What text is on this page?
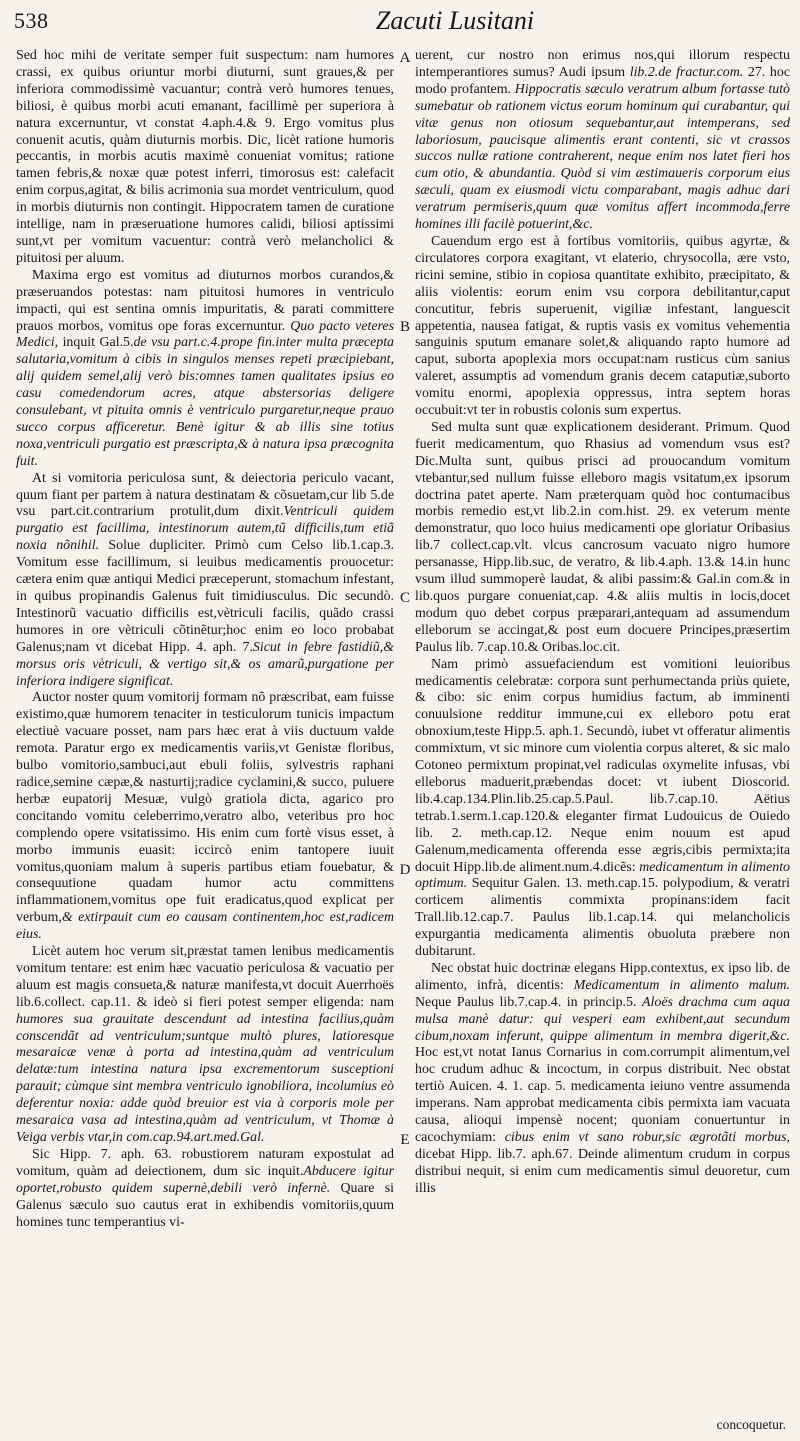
538	Zacuti Lusitani

Sed hoc mihi de veritate semper fuit suspectum: nam humores crassi, ex quibus oriuntur morbi diuturni, sunt graues,& per inferiora commodissimè vacuantur; contrà verò humores tenues, biliosi, è quibus morbi acuti emanant, facillimè per superiora à natura excernuntur, vt constat 4.aph.4.& 9. Ergo vomitus plus conuenit acutis, quàm diuturnis morbis. Dic, licèt ratione humoris peccantis, in morbis acutis maximè conueniat vomitus; ratione tamen febris,& noxæ quæ potest inferri, timorosus est: calefacit enim corpus,agitat, & bilis acrimonia sua mordet ventriculum, quod in morbis diuturnis non contingit. Hippocratem tamen de curatione intellige, nam in præseruatione humores calidi, biliosi aptissimi sunt,vt per vomitum vacuentur: contrà verò melancholici & pituitosi per aluum.

Maxima ergo est vomitus ad diuturnos morbos curandos,& præseruandos potestas: nam pituitosi humores in ventriculo impacti, qui est sentina omnis impuritatis, & parati committere prauos morbos, vomitus ope foras excernuntur. Quo pacto veteres Medici, inquit Gal.5.de vsu part.c.4.prope fin.inter multa præcepta salutaria,vomitum à cibis in singulos menses repeti præcipiebant, alij quidem semel,alij verò bis:omnes tamen qualitates ipsius eo casu comedendorum acres, atque abstersorias deligere consulebant, vt pituita omnis è ventriculo purgaretur,neque prauo succo corpus afficeretur. Benè igitur & ab illis sine totius noxa,ventriculi purgatio est præscripta,& à natura ipsa præcognita fuit.

At si vomitoria periculosa sunt, & deiectoria periculo vacant, quum fiant per partem à natura destinatam & cõsuetam,cur lib 5.de vsu part.cit.contrarium protulit,dum dixit.Ventriculi quidem purgatio est facillima, intestinorum autem,tũ difficilis,tum etiã noxia nõnihil. Solue dupliciter. Primò cum Celso lib.1.cap.3. Vomitum esse facillimum, si leuibus medicamentis prouocetur: cætera enim quæ antiqui Medici præceperunt, stomachum infestant, in quibus propinandis Galenus fuit timidiusculus. Dic secundò. Intestinorũ vacuatio difficilis est,vètriculi facilis, quãdo crassi humores in ore vètriculi cõtinẽtur;hoc enim eo loco probabat Galenus;nam vt dicebat Hipp. 4. aph. 7.Sicut in febre fastidiũ,& morsus oris vètriculi, & vertigo sit,& os amarũ,purgatione per inferiora indigere significat.

Auctor noster quum vomitorij formam nõ præscribat, eam fuisse existimo,quæ humorem tenaciter in testiculorum tunicis impactum electiuè vacuare posset, nam pars hæc erat à viis ductuum valde remota. Paratur ergo ex medicamentis variis,vt Genistæ floribus, bulbo vomitorio,sambuci,aut ebuli foliis, sylvestris raphani radice,semine cæpæ,& nasturtij;radice cyclamini,& succo, puluere herbæ eupatorij Mesuæ, vulgò gratiola dicta, agarico pro concitando vomitu celeberrimo,veratro albo, veteribus pro hoc complendo opere vsitatissimo. His enim cum fortè visus esset, à morbo immunis euasit: iccircò enim tantopere iuuit vomitus,quoniam malum à superis partibus etiam fouebatur, & consequutione quadam humor actu committens inflammationem,vomitus ope fuit eradicatus,quod explicat per verbum,& extirpauit cum eo causam continentem,hoc est,radicem eius.

Licèt autem hoc verum sit,præstat tamen lenibus medicamentis vomitum tentare: est enim hæc vacuatio periculosa & vacuatio per aluum est magis consueta,& naturæ manifesta,vt docuit Auerrhoës lib.6.collect. cap.11. & ideò si fieri potest semper eligenda: nam humores sua grauitate descendunt ad intestina facilius,quàm conscendãt ad ventriculum;suntque multò plures, latioresque mesaraicæ venæ à porta ad intestina,quàm ad ventriculum delatæ:tum intestina natura ipsa excrementorum susceptioni parauit; cùmque sint membra ventriculo ignobiliora, incolumius eò deferentur noxia: adde quòd breuior est via à corporis mole per mesaraica vasa ad intestina,quàm ad ventriculum, vt Thomæ à Veiga verbis vtar,in com.cap.94.art.med.Gal.

Sic Hipp. 7. aph. 63. robustiorem naturam expostulat ad vomitum, quàm ad deiectionem, dum sic inquit.Abducere igitur oportet,robusto quidem supernè,debili verò infernè. Quare si Galenus sæculo suo cautus erat in exhibendis vomitoriis,quum homines tunc temperantius vi-

A
B
C
D
E

uerent, cur nostro non erimus nos,qui illorum respectu intemperantiores sumus? Audi ipsum lib.2.de fractur.com. 27. hoc modo profantem. Hippocratis sæculo veratrum album fortasse tutò sumebatur ob rationem victus eorum hominum qui curabantur, qui vitæ genus non otiosum sequebantur,aut intemperans, sed laboriosum, paucisque alimentis erant contenti, sic vt crassos succos nullæ ratione contraherent, neque enim nos latet fieri hos cum otio, & abundantia. Quòd si vim æstimaueris corporum eius sæculi, quam ex eiusmodi victu comparabant, magis adhuc dari veratrum permiseris,quum quæ vomitus affert incommoda,ferre homines illi facilè potuerint,&c.

Cauendum ergo est à fortibus vomitoriis, quibus agyrtæ, & circulatores corpora exagitant, vt elaterio, chrysocolla, ære vsto, ricini semine, stibio in copiosa quantitate exhibito, præcipitato, & aliis violentis: eorum enim vsu corpora debilitantur,caput concutitur, febris superuenit, vigiliæ infestant, languescit appetentia, nausea fatigat, & ruptis vasis ex vomitus vehementia sanguinis sputum emanare solet,& aliquando rapto humore ad caput, suborta apoplexia mors occupat:nam rusticus cùm sanius valeret, assumptis ad vomendum granis decem cataputiæ,suborto vomitu enormi, apoplexia oppressus, intra septem horas occubuit:vt ter in robustis colonis sum expertus.

Sed multa sunt quæ explicationem desiderant. Primum. Quod fuerit medicamentum, quo Rhasius ad vomendum vsus est? Dic.Multa sunt, quibus prisci ad prouocandum vomitum vtebantur,sed nullum fuisse elleboro magis vsitatum,ex ipsorum doctrina patet aperte. Nam præterquam quòd hoc contumacibus morbis remedio est,vt lib.2.in com.hist. 29. ex veterum mente demonstratur, quo loco huius medicamenti ope gloriatur Oribasius lib.7 collect.cap.vlt. vlcus cancrosum vacuato nigro humore persanasse, Hipp.lib.suc, de veratro, & lib.4.aph. 13.& 14.in hunc vsum illud summoperè laudat, & alibi passim:& Gal.in com.& in lib.quos purgare conueniat,cap. 4.& aliis multis in locis,docet modum quo debet corpus præparari,antequam ad assumendum elleborum se accingat,& post eum docuere Principes,præsertim Paulus lib. 7.cap.10.& Oribas.loc.cit.

Nam primò assuefaciendum est vomitioni leuioribus medicamentis celebratæ: corpora sunt perhumectanda priùs quiete, & cibo: sic enim corpus humidius factum, ab imminenti conuulsione redditur immune,cui ex elleboro potu erat obnoxium,teste Hipp.5. aph.1. Secundò, iubet vt offeratur alimentis commixtum, vt sic minore cum violentia corpus alteret, & sic malo Cotoneo permixtum propinat,vel radiculas oxymelite infusas, vbi elleborus maduerit,præbendas docet: vt iubent Dioscorid. lib.4.cap.134.Plin.lib.25.cap.5.Paul. lib.7.cap.10. Aëtius tetrab.1.serm.1.cap.120.& eleganter firmat Ludouicus de Ouiedo lib. 2. meth.cap.12. Neque enim nouum est apud Galenum,medicamenta offerenda esse ægris,cibis permixta;ita docuit Hipp.lib.de aliment.num.4.dicẽs: medicamentum in alimento optimum. Sequitur Galen. 13. meth.cap.15. polypodium, & veratri corticem alimentis commixta propinans:idem facit Trall.lib.12.cap.7. Paulus lib.1.cap.14. qui melancholicis expurgantia medicamenta alimentis obuoluta præbere non dubitarunt.

Nec obstat huic doctrinæ elegans Hipp.contextus, ex ipso lib. de alimento, infrà, dicentis: Medicamentum in alimento malum. Neque Paulus lib.7.cap.4. in princip.5. Aloës drachma cum aqua mulsa manè datur: qui vesperi eam exhibent,aut secundum cibum,noxam inferunt, quippe alimentum in membra digerit,&c. Hoc est,vt notat Ianus Cornarius in com.corrumpit alimentum,vel hoc crudum adhuc & incoctum, in corpus distribuit. Nec obstat tertiò Auicen. 4. 1. cap. 5. medicamenta ieiuno ventre assumenda imperans. Nam approbat medicamenta cibis permixta iam vacuata causa, alioqui impensè nocent; quoniam conuertuntur in cacochymiam: cibus enim vt sano robur,sic ægrotãti morbus, dicebat Hipp. lib.7. aph.67. Deinde alimentum crudum in corpus distribui nequit, si enim cum medicamentis simul deuoretur, cum illis

concoquetur.
